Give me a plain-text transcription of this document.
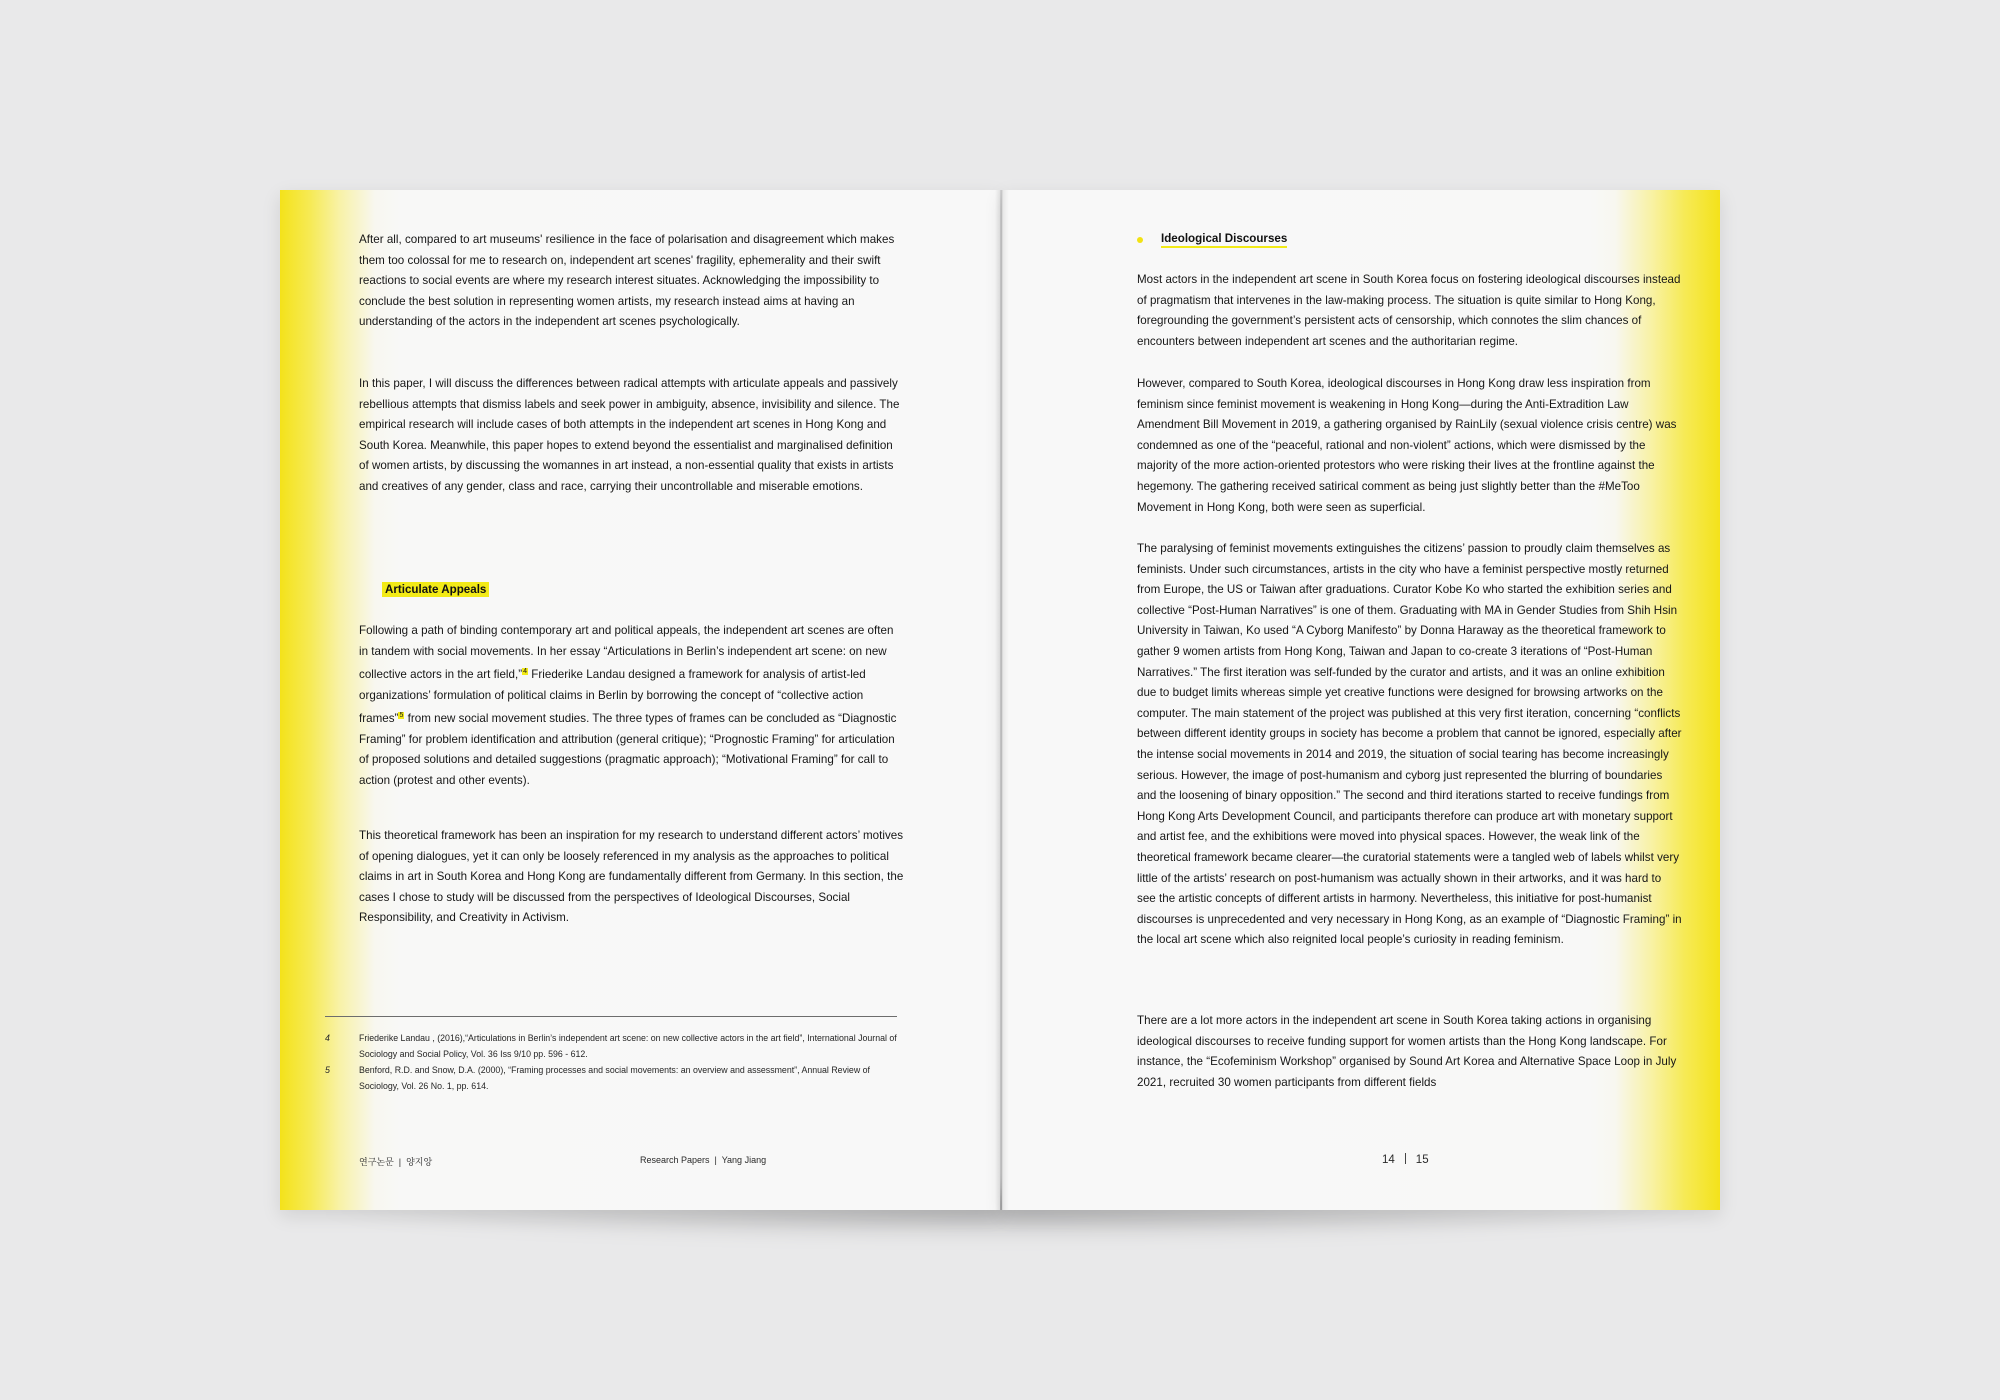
After all, compared to art museums' resilience in the face of polarisation and disagreement which makes them too colossal for me to research on, independent art scenes' fragility, ephemerality and their swift reactions to social events are where my research interest situates. Acknowledging the impossibility to conclude the best solution in representing women artists, my research instead aims at having an understanding of the actors in the independent art scenes psychologically.

In this paper, I will discuss the differences between radical attempts with articulate appeals and passively rebellious attempts that dismiss labels and seek power in ambiguity, absence, invisibility and silence. The empirical research will include cases of both attempts in the independent art scenes in Hong Kong and South Korea. Meanwhile, this paper hopes to extend beyond the essentialist and marginalised definition of women artists, by discussing the womannes in art instead, a non-essential quality that exists in artists and creatives of any gender, class and race, carrying their uncontrollable and miserable emotions.

Articulate Appeals

Following a path of binding contemporary art and political appeals, the independent art scenes are often in tandem with social movements. In her essay “Articulations in Berlin’s independent art scene: on new collective actors in the art field,”$^4$ Friederike Landau designed a framework for analysis of artist-led organizations’ formulation of political claims in Berlin by borrowing the concept of “collective action frames”$^5$ from new social movement studies. The three types of frames can be concluded as “Diagnostic Framing” for problem identification and attribution (general critique); “Prognostic Framing” for articulation of proposed solutions and detailed suggestions (pragmatic approach); “Motivational Framing” for call to action (protest and other events).

This theoretical framework has been an inspiration for my research to understand different actors’ motives of opening dialogues, yet it can only be loosely referenced in my analysis as the approaches to political claims in art in South Korea and Hong Kong are fundamentally different from Germany. In this section, the cases I chose to study will be discussed from the perspectives of Ideological Discourses, Social Responsibility, and Creativity in Activism.

4	Friederike Landau , (2016),“Articulations in Berlin’s independent art scene: on new collective actors in the art field”, International Journal of Sociology and Social Policy, Vol. 36 Iss 9/10 pp. 596 - 612.
5	Benford, R.D. and Snow, D.A. (2000), “Framing processes and social movements: an overview and assessment”, Annual Review of Sociology, Vol. 26 No. 1, pp. 614.
연구논문  |  양지앙	Research Papers  |  Yang Jiang
Ideological Discourses

Most actors in the independent art scene in South Korea focus on fostering ideological discourses instead of pragmatism that intervenes in the law-making process. The situation is quite similar to Hong Kong, foregrounding the government’s persistent acts of censorship, which connotes the slim chances of encounters between independent art scenes and the authoritarian regime.

However, compared to South Korea, ideological discourses in Hong Kong draw less inspiration from feminism since feminist movement is weakening in Hong Kong—during the Anti-Extradition Law Amendment Bill Movement in 2019, a gathering organised by RainLily (sexual violence crisis centre) was condemned as one of the “peaceful, rational and non-violent” actions, which were dismissed by the majority of the more action-oriented protestors who were risking their lives at the frontline against the hegemony. The gathering received satirical comment as being just slightly better than the #MeToo Movement in Hong Kong, both were seen as superficial.

The paralysing of feminist movements extinguishes the citizens’ passion to proudly claim themselves as feminists. Under such circumstances, artists in the city who have a feminist perspective mostly returned from Europe, the US or Taiwan after graduations. Curator Kobe Ko who started the exhibition series and collective “Post-Human Narratives” is one of them. Graduating with MA in Gender Studies from Shih Hsin University in Taiwan, Ko used “A Cyborg Manifesto” by Donna Haraway as the theoretical framework to gather 9 women artists from Hong Kong, Taiwan and Japan to co-create 3 iterations of “Post-Human Narratives.” The first iteration was self-funded by the curator and artists, and it was an online exhibition due to budget limits whereas simple yet creative functions were designed for browsing artworks on the computer. The main statement of the project was published at this very first iteration, concerning “conflicts between different identity groups in society has become a problem that cannot be ignored, especially after the intense social movements in 2014 and 2019, the situation of social tearing has become increasingly serious. However, the image of post-humanism and cyborg just represented the blurring of boundaries and the loosening of binary opposition.” The second and third iterations started to receive fundings from Hong Kong Arts Development Council, and participants therefore can produce art with monetary support and artist fee, and the exhibitions were moved into physical spaces. However, the weak link of the theoretical framework became clearer—the curatorial statements were a tangled web of labels whilst very little of the artists’ research on post-humanism was actually shown in their artworks, and it was hard to see the artistic concepts of different artists in harmony. Nevertheless, this initiative for post-humanist discourses is unprecedented and very necessary in Hong Kong, as an example of “Diagnostic Framing” in the local art scene which also reignited local people’s curiosity in reading feminism.

There are a lot more actors in the independent art scene in South Korea taking actions in organising ideological discourses to receive funding support for women artists than the Hong Kong landscape. For instance, the “Ecofeminism Workshop” organised by Sound Art Korea and Alternative Space Loop in July 2021, recruited 30 women participants from different fields

14 15
